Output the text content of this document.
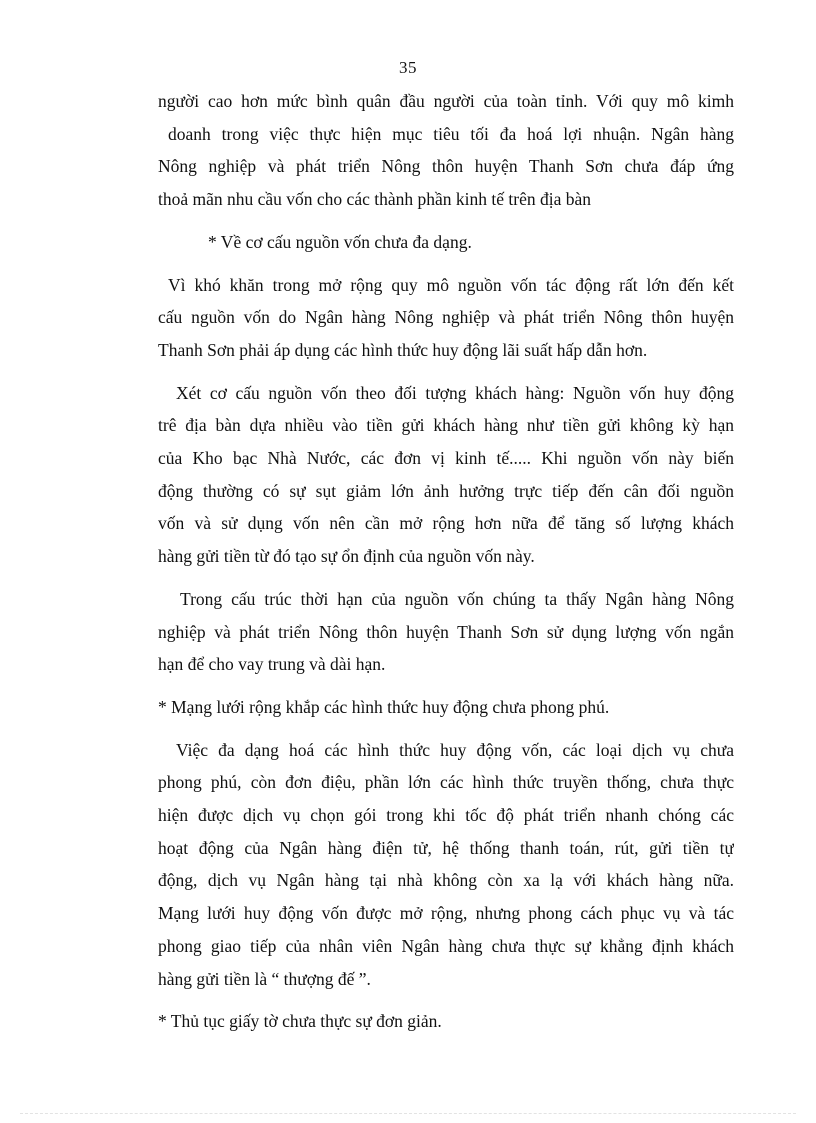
35
người cao hơn mức bình quân đầu người của toàn tỉnh. Với quy mô kimh
doanh trong việc thực hiện mục tiêu tối đa hoá lợi nhuận. Ngân hàng
Nông nghiệp và phát triển Nông thôn huyện Thanh Sơn chưa đáp ứng
thoả mãn nhu cầu vốn cho các thành phần kinh tế trên địa bàn
* Về cơ cấu nguồn vốn chưa đa dạng.
Vì khó khăn trong mở rộng quy mô nguồn vốn tác động rất lớn đến kết
cấu nguồn vốn do Ngân hàng Nông nghiệp và phát triển Nông thôn huyện
Thanh Sơn phải áp dụng các hình thức huy động lãi suất hấp dẫn hơn.
Xét cơ cấu nguồn vốn theo đối tượng khách hàng: Nguồn vốn huy động
trê địa bàn dựa nhiều vào tiền gửi khách hàng như tiền gửi không kỳ hạn
của Kho bạc Nhà Nước, các đơn vị kinh tế..... Khi nguồn vốn này biến
động thường có sự sụt giảm lớn ảnh hưởng trực tiếp đến cân đối nguồn
vốn và sử dụng vốn nên cần mở rộng hơn nữa để tăng số lượng khách
hàng gửi tiền từ đó tạo sự ổn định của nguồn vốn này.
Trong cấu trúc thời hạn của nguồn vốn chúng ta thấy Ngân hàng Nông
nghiệp và phát triển Nông thôn huyện Thanh Sơn sử dụng lượng vốn ngắn
hạn để cho vay trung và dài hạn.
* Mạng lưới rộng khắp các hình thức huy động chưa phong phú.
Việc đa dạng hoá các hình thức huy động vốn, các loại dịch vụ chưa
phong phú, còn đơn điệu, phần lớn các hình thức truyền thống, chưa thực
hiện được dịch vụ chọn gói trong khi tốc độ phát triển nhanh chóng các
hoạt động của Ngân hàng điện tử, hệ thống thanh toán, rút, gửi tiền tự
động, dịch vụ Ngân hàng tại nhà không còn xa lạ với khách hàng nữa.
Mạng lưới huy động vốn được mở rộng, nhưng phong cách phục vụ và tác
phong giao tiếp của nhân viên Ngân hàng chưa thực sự khẳng định khách
hàng gửi tiền là “ thượng đế ”.
* Thủ tục giấy tờ chưa thực sự đơn giản.
